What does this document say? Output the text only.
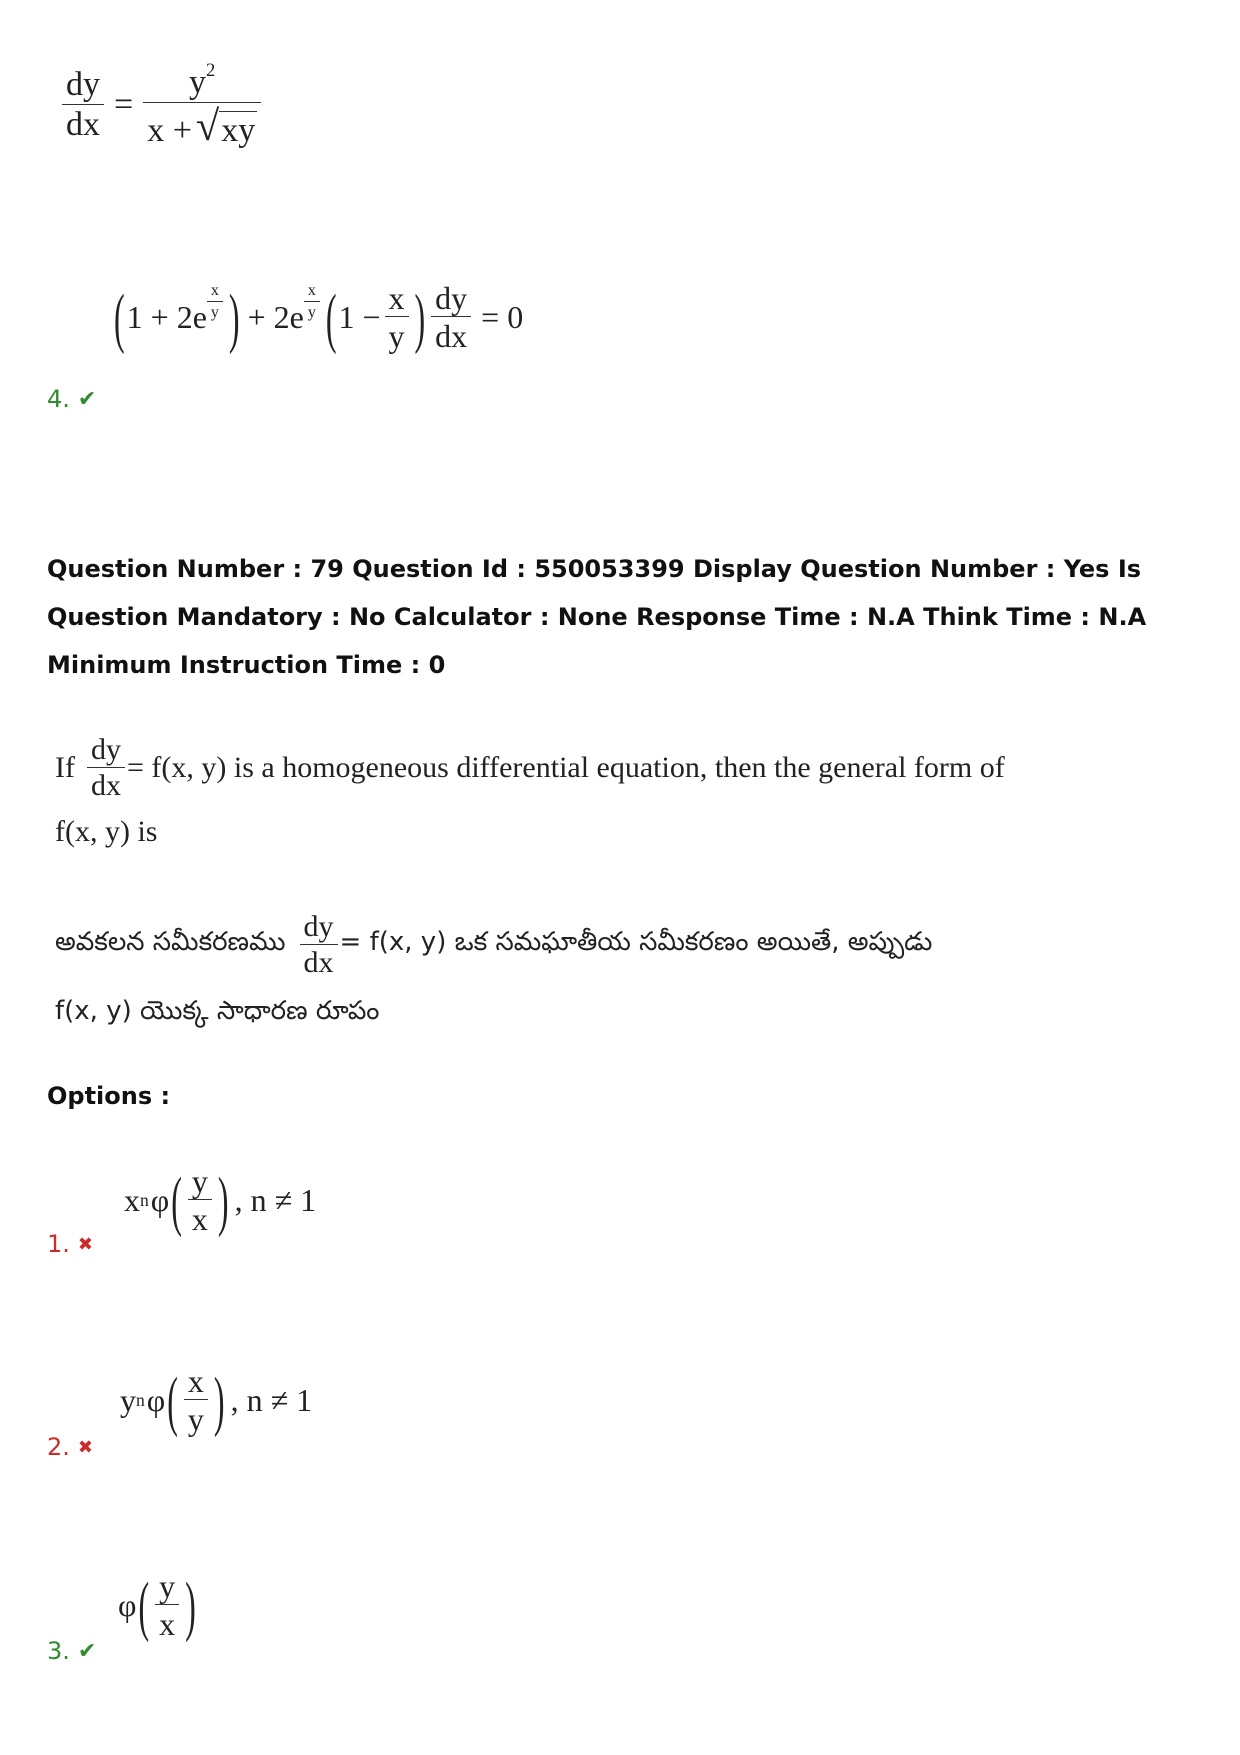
$\frac{dy}{dx} = \frac{y^2}{x + √ xy}$
( $1 + 2e \frac{x}{y}$ ) + $2e \frac{x}{y}$ ( $1 - \frac{x}{y}$ ) $\frac{dy}{dx} = 0$
4. ✔
Question Number : 79 Question Id : 550053399 Display Question Number : Yes Is Question Mandatory : No Calculator : None Response Time : N.A Think Time : N.A Minimum Instruction Time : 0
If $\frac{dy}{dx} = f(x$, y) is a homogeneous differential equation, then the general form of
f(x, y) is
అవకలన సమీకరణము $\frac{dy}{dx} = f(x$, y) ఒక సమఘాతీయ సమీకరణం అయితే, అప్పుడు
f(x, y) యొక్క సాధారణ రూపం
Options :
x n φ ( $\frac{y}{x}$ ) , n ≠ 1
1. ✖
y n φ ( $\frac{x}{y}$ ) , n ≠ 1
2. ✖
φ ( $\frac{y}{x}$ )
3. ✔
